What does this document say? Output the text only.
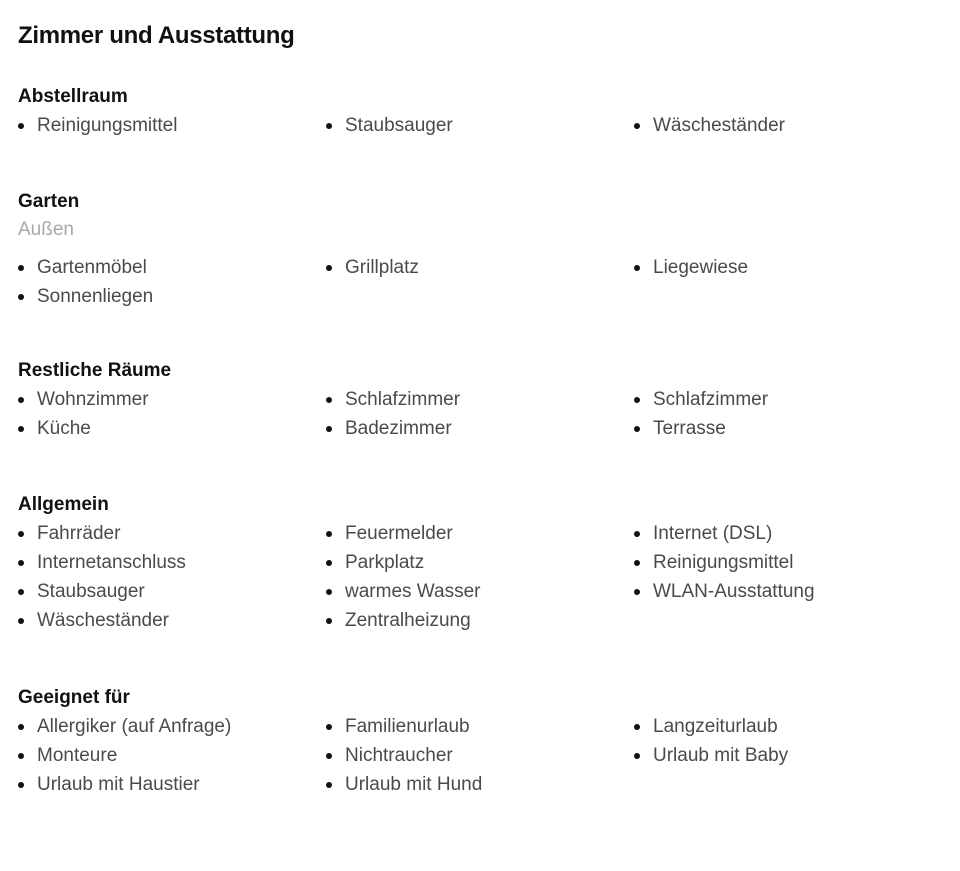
Zimmer und Ausstattung
Abstellraum
Reinigungsmittel	Staubsauger	Wäscheständer
Garten

Außen

Gartenmöbel
Sonnenliegen
Grillplatz	Liegewiese
Restliche Räume
Wohnzimmer
Küche
Schlafzimmer
Badezimmer
Schlafzimmer
Terrasse
Allgemein
Fahrräder
Internetanschluss
Staubsauger
Wäscheständer
Feuermelder
Parkplatz
warmes Wasser
Zentralheizung
Internet (DSL)
Reinigungsmittel
WLAN-Ausstattung
Geeignet für
Allergiker (auf Anfrage)
Monteure
Urlaub mit Haustier
Familienurlaub
Nichtraucher
Urlaub mit Hund
Langzeiturlaub
Urlaub mit Baby
